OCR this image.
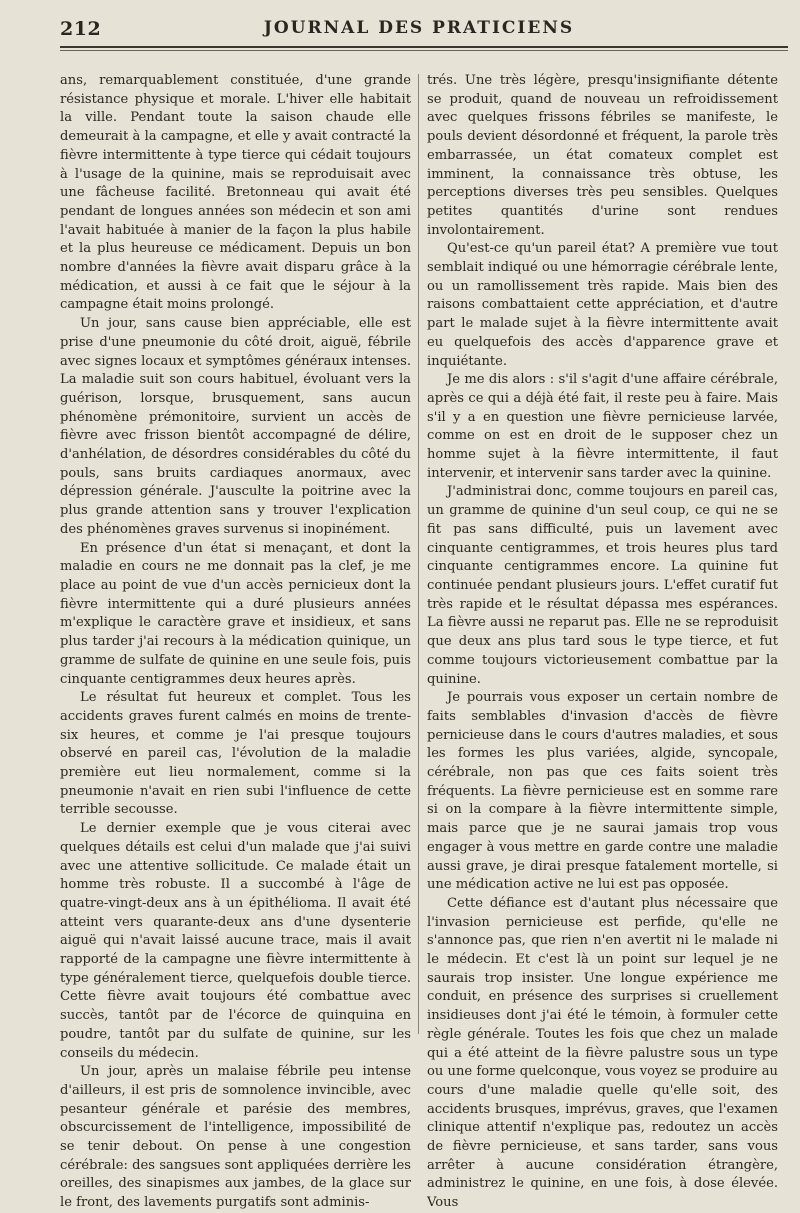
212	JOURNAL DES PRATICIENS

ans, remarquablement constituée, d'une grande résistance physique et morale. L'hiver elle habitait la ville. Pendant toute la saison chaude elle demeurait à la campagne, et elle y avait contracté la fièvre intermittente à type tierce qui cédait toujours à l'usage de la quinine, mais se reproduisait avec une fâcheuse facilité. Bretonneau qui avait été pendant de longues années son médecin et son ami l'avait habituée à manier de la façon la plus habile et la plus heureuse ce médicament. Depuis un bon nombre d'années la fièvre avait disparu grâce à la médication, et aussi à ce fait que le séjour à la campagne était moins prolongé.

Un jour, sans cause bien appréciable, elle est prise d'une pneumonie du côté droit, aiguë, fébrile avec signes locaux et symptômes généraux intenses. La maladie suit son cours habituel, évoluant vers la guérison, lorsque, brusquement, sans aucun phénomène prémonitoire, survient un accès de fièvre avec frisson bientôt accompagné de délire, d'anhélation, de désordres considérables du côté du pouls, sans bruits cardiaques anormaux, avec dépression générale. J'ausculte la poitrine avec la plus grande attention sans y trouver l'explication des phénomènes graves survenus si inopinément.

En présence d'un état si menaçant, et dont la maladie en cours ne me donnait pas la clef, je me place au point de vue d'un accès pernicieux dont la fièvre intermittente qui a duré plusieurs années m'explique le caractère grave et insidieux, et sans plus tarder j'ai recours à la médication quinique, un gramme de sulfate de quinine en une seule fois, puis cinquante centigrammes deux heures après.

Le résultat fut heureux et complet. Tous les accidents graves furent calmés en moins de trente-six heures, et comme je l'ai presque toujours observé en pareil cas, l'évolution de la maladie première eut lieu normalement, comme si la pneumonie n'avait en rien subi l'influence de cette terrible secousse.

Le dernier exemple que je vous citerai avec quelques détails est celui d'un malade que j'ai suivi avec une attentive sollicitude. Ce malade était un homme très robuste. Il a succombé à l'âge de quatre-vingt-deux ans à un épithélioma. Il avait été atteint vers quarante-deux ans d'une dysenterie aiguë qui n'avait laissé aucune trace, mais il avait rapporté de la campagne une fièvre intermittente à type généralement tierce, quelquefois double tierce. Cette fièvre avait toujours été combattue avec succès, tantôt par de l'écorce de quinquina en poudre, tantôt par du sulfate de quinine, sur les conseils du médecin.

Un jour, après un malaise fébrile peu intense d'ailleurs, il est pris de somnolence invincible, avec pesanteur générale et parésie des membres, obscurcissement de l'intelligence, impossibilité de se tenir debout. On pense à une congestion cérébrale: des sangsues sont appliquées derrière les oreilles, des sinapismes aux jambes, de la glace sur le front, des lavements purgatifs sont adminis-

trés. Une très légère, presqu'insignifiante détente se produit, quand de nouveau un refroidissement avec quelques frissons fébriles se manifeste, le pouls devient désordonné et fréquent, la parole très embarrassée, un état comateux complet est imminent, la connaissance très obtuse, les perceptions diverses très peu sensibles. Quelques petites quantités d'urine sont rendues involontairement.

Qu'est-ce qu'un pareil état? A première vue tout semblait indiqué ou une hémorragie cérébrale lente, ou un ramollissement très rapide. Mais bien des raisons combattaient cette appréciation, et d'autre part le malade sujet à la fièvre intermittente avait eu quelquefois des accès d'apparence grave et inquiétante.

Je me dis alors : s'il s'agit d'une affaire cérébrale, après ce qui a déjà été fait, il reste peu à faire. Mais s'il y a en question une fièvre pernicieuse larvée, comme on est en droit de le supposer chez un homme sujet à la fièvre intermittente, il faut intervenir, et intervenir sans tarder avec la quinine.

J'administrai donc, comme toujours en pareil cas, un gramme de quinine d'un seul coup, ce qui ne se fit pas sans difficulté, puis un lavement avec cinquante centigrammes, et trois heures plus tard cinquante centigrammes encore. La quinine fut continuée pendant plusieurs jours. L'effet curatif fut très rapide et le résultat dépassa mes espérances. La fièvre aussi ne reparut pas. Elle ne se reproduisit que deux ans plus tard sous le type tierce, et fut comme toujours victorieusement combattue par la quinine.

Je pourrais vous exposer un certain nombre de faits semblables d'invasion d'accès de fièvre pernicieuse dans le cours d'autres maladies, et sous les formes les plus variées, algide, syncopale, cérébrale, non pas que ces faits soient très fréquents. La fièvre pernicieuse est en somme rare si on la compare à la fièvre intermittente simple, mais parce que je ne saurai jamais trop vous engager à vous mettre en garde contre une maladie aussi grave, je dirai presque fatalement mortelle, si une médication active ne lui est pas opposée.

Cette défiance est d'autant plus nécessaire que l'invasion pernicieuse est perfide, qu'elle ne s'annonce pas, que rien n'en avertit ni le malade ni le médecin. Et c'est là un point sur lequel je ne saurais trop insister. Une longue expérience me conduit, en présence des surprises si cruellement insidieuses dont j'ai été le témoin, à formuler cette règle générale. Toutes les fois que chez un malade qui a été atteint de la fièvre palustre sous un type ou une forme quelconque, vous voyez se produire au cours d'une maladie quelle qu'elle soit, des accidents brusques, imprévus, graves, que l'examen clinique attentif n'explique pas, redoutez un accès de fièvre pernicieuse, et sans tarder, sans vous arrêter à aucune considération étrangère, administrez le quinine, en une fois, à dose élevée. Vous
